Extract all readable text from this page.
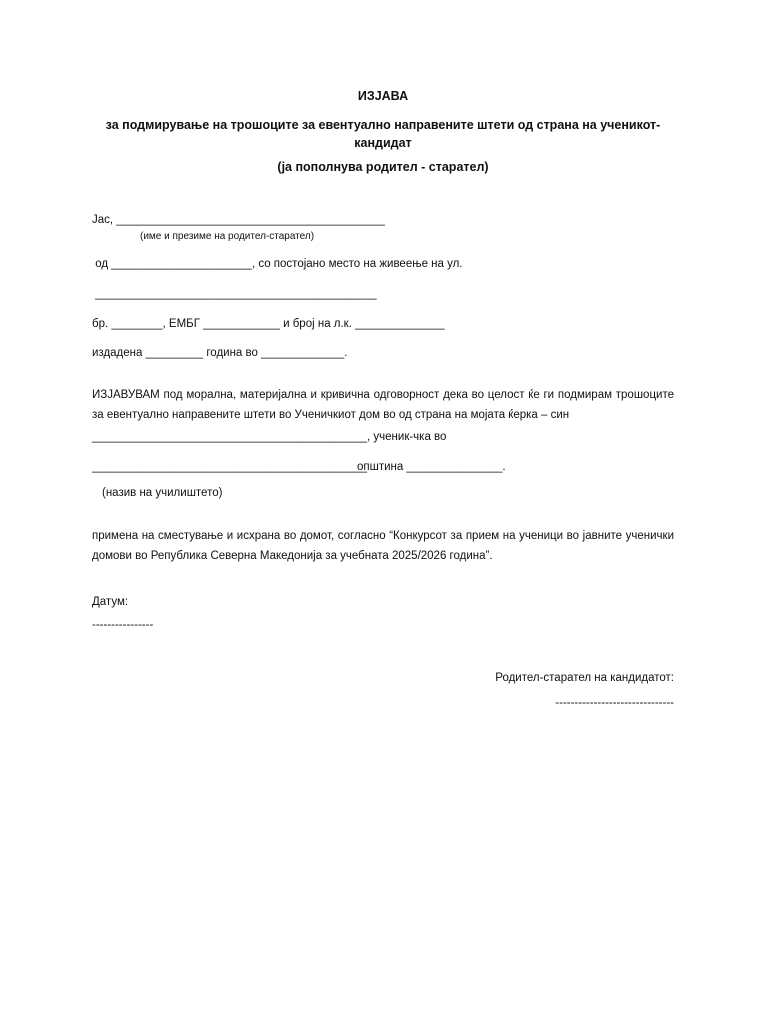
ИЗЈАВА
за подмирување на трошоците за евентуално направените штети од страна на ученикот-кандидат
(ја пополнува родител - старател)
Јас, __________________________________________
(име и презиме на родител-старател)
од ______________________, со постојано место на живеење на ул.
____________________________________________
бр. ________, ЕМБГ ____________ и број на л.к. ______________
издадена _________ година во _____________.
ИЗЈАВУВАМ под морална, материјална и кривична одговорност дека во целост ќе ги подмирам трошоците за евентуално направените штети во Ученичкиот дом во од страна на мојата ќерка – син
___________________________________________, ученик-чка во
___________________________________________
општина _______________.
(назив на училиштето)
примена на сместување и исхрана во домот, согласно “Конкурсот за прием на ученици во јавните ученички домови во Република Северна Македонија за учебната 2025/2026 година”.
Датум:
----------------
Родител-старател на кандидатот:
-------------------------------
